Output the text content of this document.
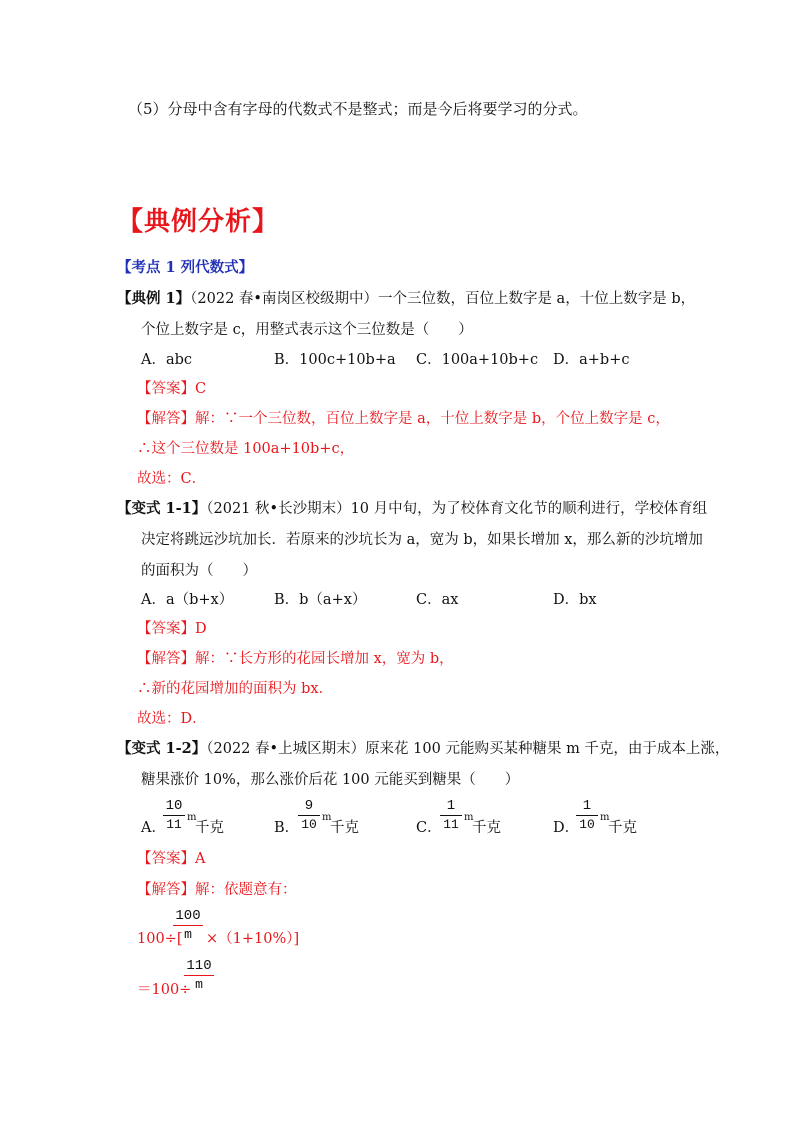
（5）分母中含有字母的代数式不是整式；而是今后将要学习的分式。
【典例分析】
【考点 1 列代数式】
【典例 1】（2022 春•南岗区校级期中）一个三位数，百位上数字是 a，十位上数字是 b，
个位上数字是 c，用整式表示这个三位数是（　　）
A．abc	B．100c+10b+a C．100a+10b+c D．a+b+c
【答案】C
【解答】解：∵一个三位数，百位上数字是 a，十位上数字是 b，个位上数字是 c，
∴这个三位数是 100a+10b+c，
故选：C．
【变式 1-1】（2021 秋•长沙期末）10 月中旬，为了校体育文化节的顺利进行，学校体育组
决定将跳远沙坑加长．若原来的沙坑长为 a，宽为 b，如果长增加 x，那么新的沙坑增加
的面积为（　　）
A．a（b+x）	B．b（a+x）	C．ax	D．bx
【答案】D
【解答】解：∵长方形的花园长增加 x，宽为 b，
∴新的花园增加的面积为 bx．
故选：D．
【变式 1-2】（2022 春•上城区期末）原来花 100 元能购买某种糖果 m 千克，由于成本上涨，
糖果涨价 10%，那么涨价后花 100 元能买到糖果（　　）
A．
10
11 m
千克	B．
9
10 m
千克	C．
1
11 m
千克	D．
1
10 m
千克
【答案】A
【解答】解：依题意有：
100÷[
100
m ×（1+10%）]
＝100÷
110
m
